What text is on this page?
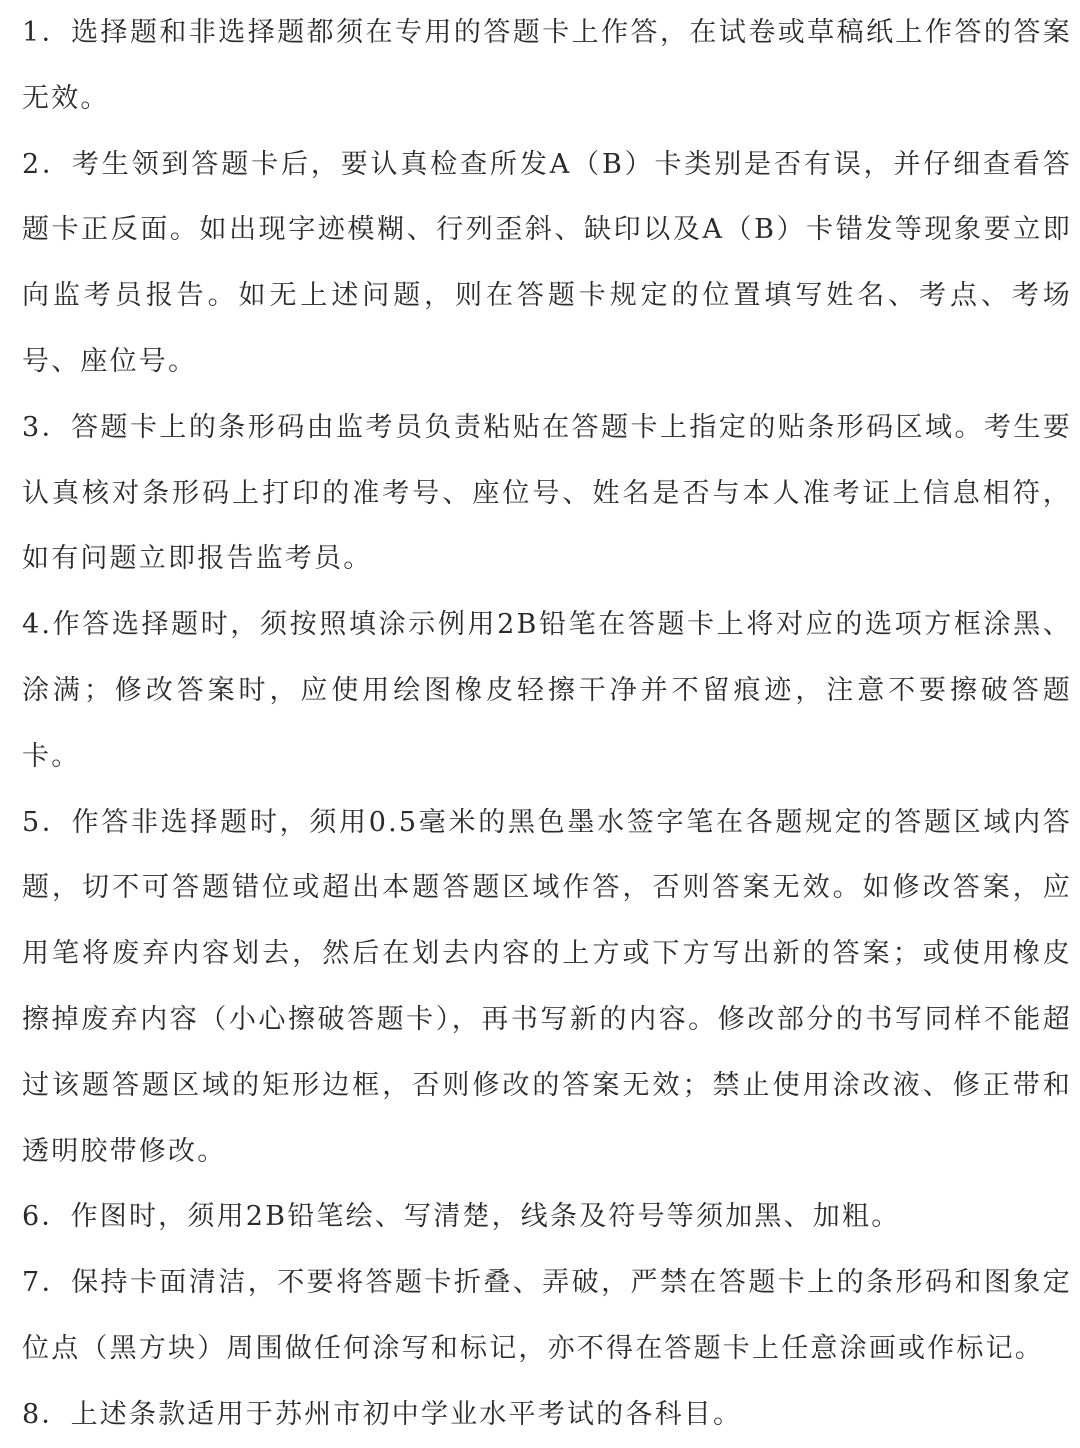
1．选择题和非选择题都须在专用的答题卡上作答，在试卷或草稿纸上作答的答案无效。

2．考生领到答题卡后，要认真检查所发A（B）卡类别是否有误，并仔细查看答题卡正反面。如出现字迹模糊、行列歪斜、缺印以及A（B）卡错发等现象要立即向监考员报告。如无上述问题，则在答题卡规定的位置填写姓名、考点、考场号、座位号。

3．答题卡上的条形码由监考员负责粘贴在答题卡上指定的贴条形码区域。考生要认真核对条形码上打印的准考号、座位号、姓名是否与本人准考证上信息相符，如有问题立即报告监考员。

4.作答选择题时，须按照填涂示例用2B铅笔在答题卡上将对应的选项方框涂黑、涂满；修改答案时，应使用绘图橡皮轻擦干净并不留痕迹，注意不要擦破答题卡。

5．作答非选择题时，须用0.5毫米的黑色墨水签字笔在各题规定的答题区域内答题，切不可答题错位或超出本题答题区域作答，否则答案无效。如修改答案，应用笔将废弃内容划去，然后在划去内容的上方或下方写出新的答案；或使用橡皮擦掉废弃内容（小心擦破答题卡），再书写新的内容。修改部分的书写同样不能超过该题答题区域的矩形边框，否则修改的答案无效；禁止使用涂改液、修正带和透明胶带修改。

6．作图时，须用2B铅笔绘、写清楚，线条及符号等须加黑、加粗。

7．保持卡面清洁，不要将答题卡折叠、弄破，严禁在答题卡上的条形码和图象定位点（黑方块）周围做任何涂写和标记，亦不得在答题卡上任意涂画或作标记。

8．上述条款适用于苏州市初中学业水平考试的各科目。
